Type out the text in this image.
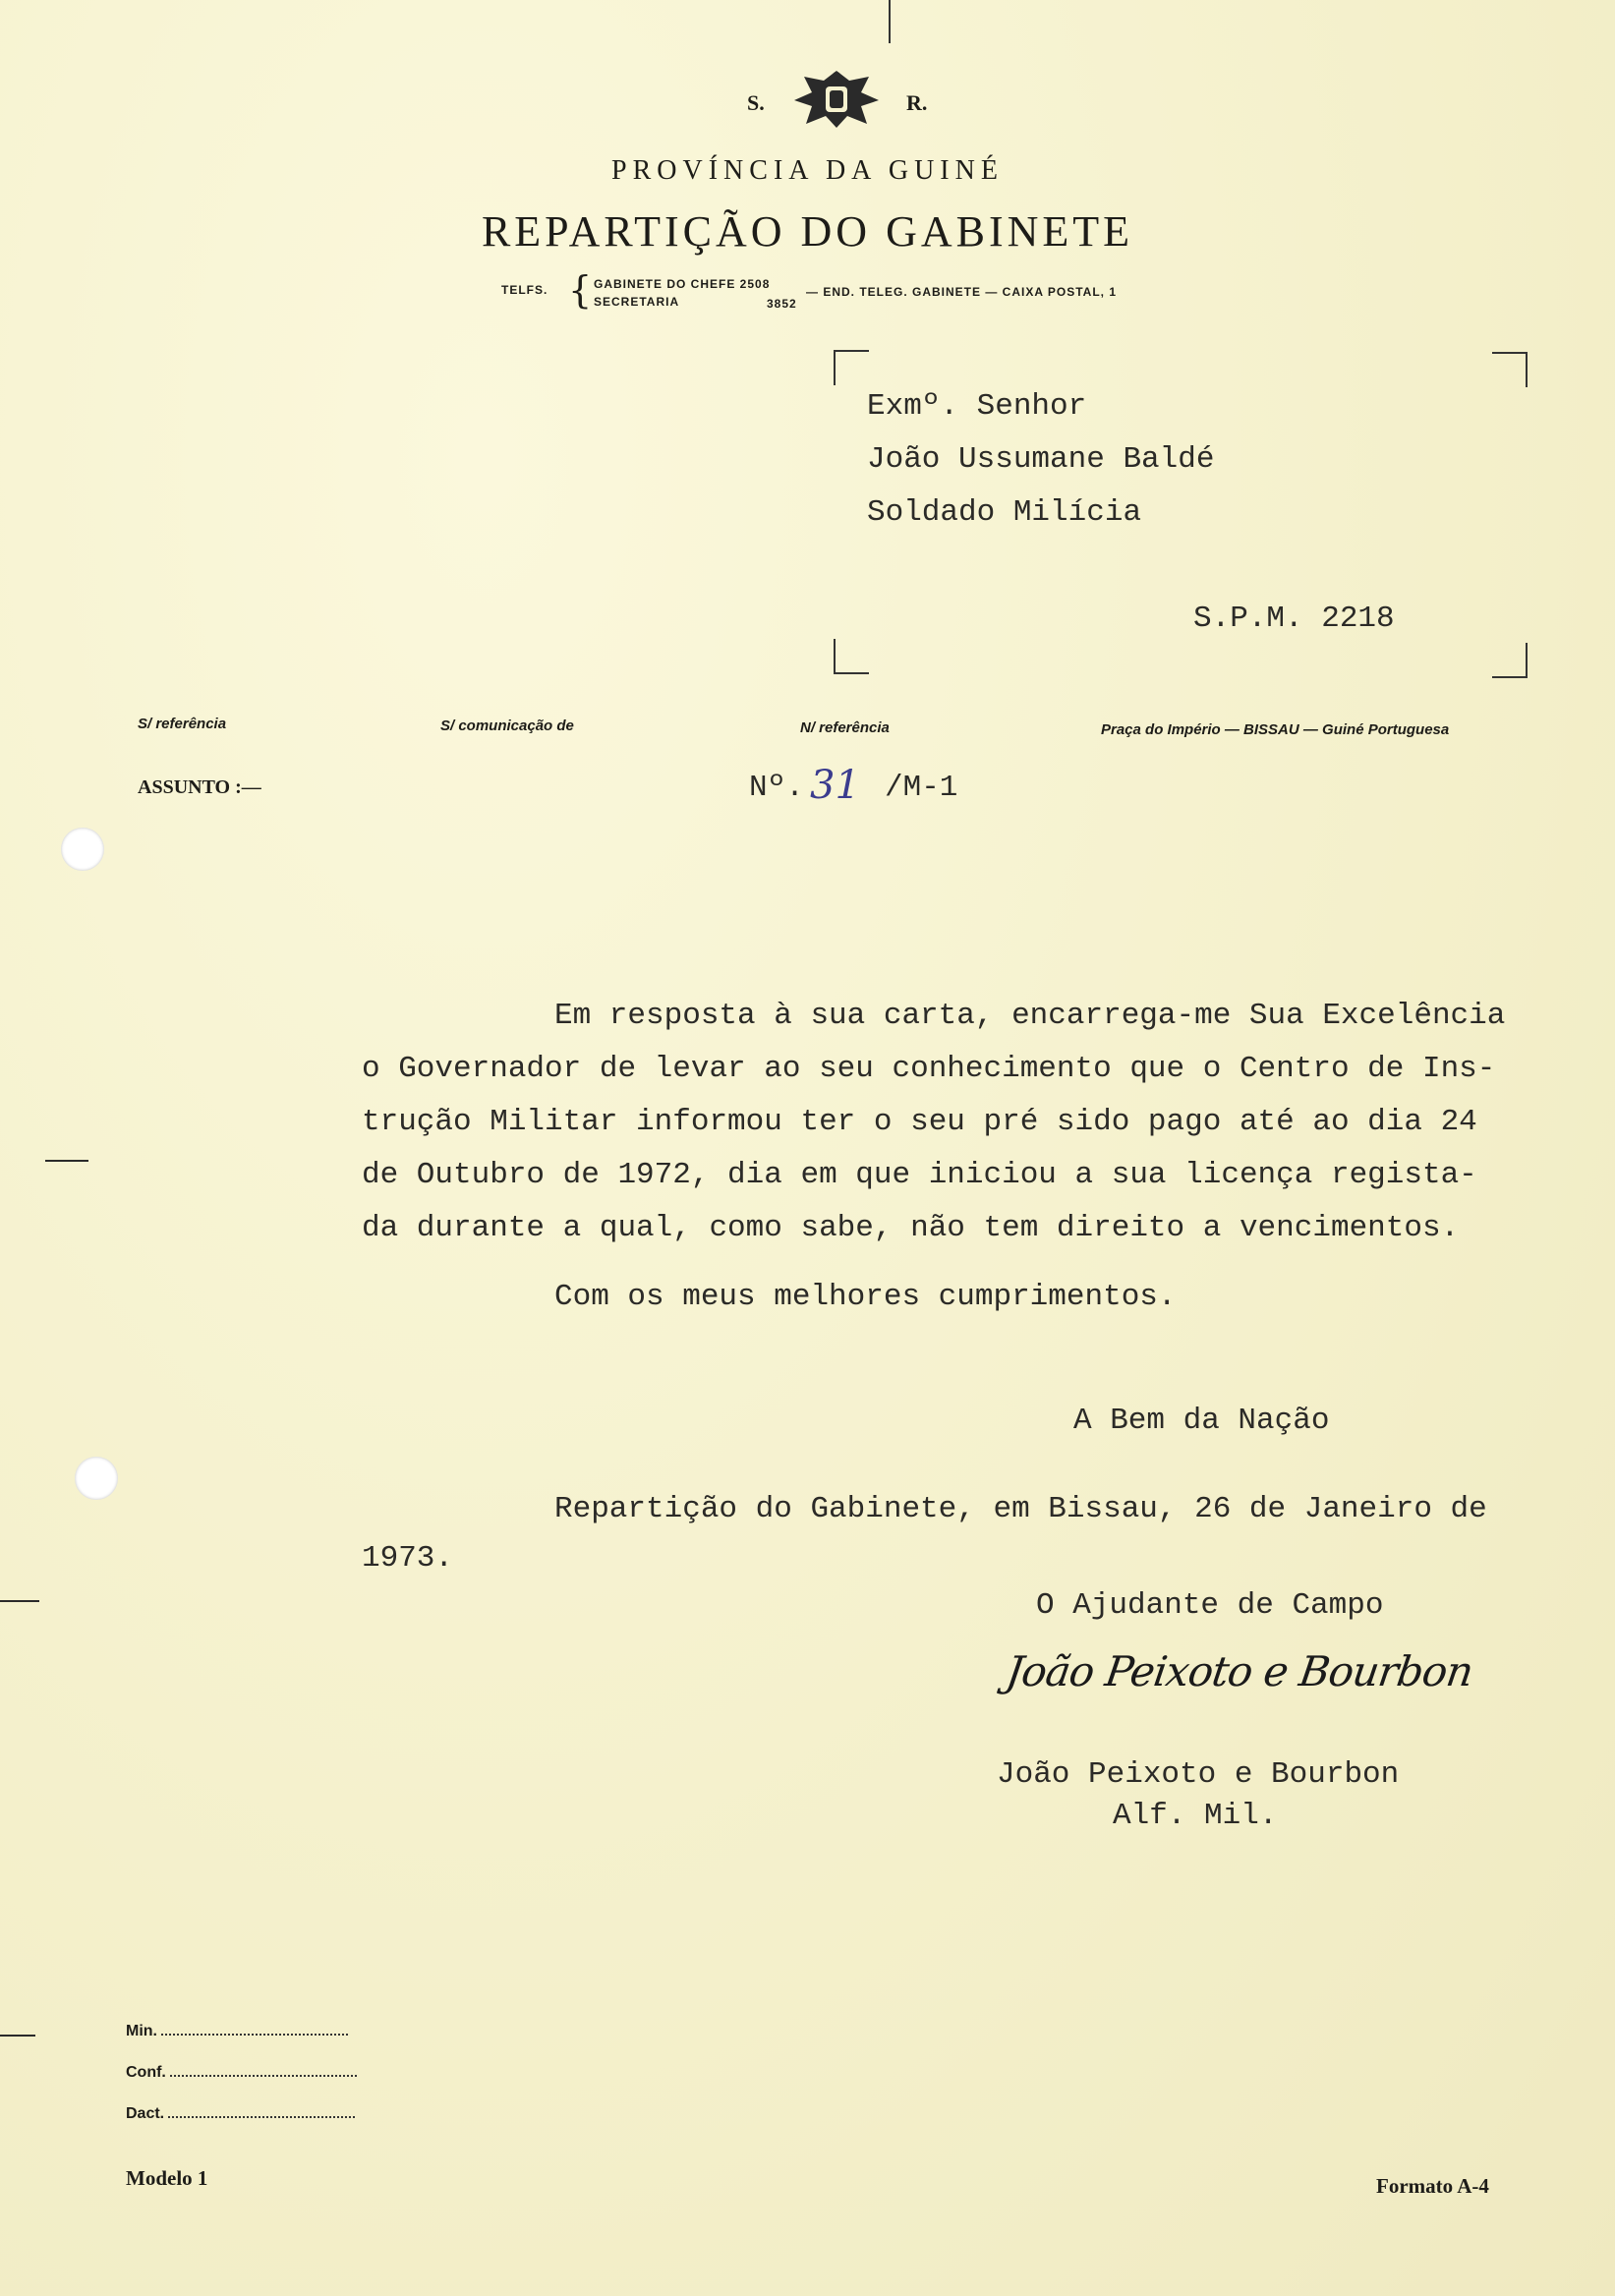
S.	R.
PROVÍNCIA DA GUINÉ
REPARTIÇÃO DO GABINETE
TELFS. { GABINETE DO CHEFE 2508
SECRETARIA	3852
— END. TELEG. GABINETE — CAIXA POSTAL, 1
Exmº. Senhor
João Ussumane Baldé
Soldado Milícia
S.P.M. 2218
S/ referência	S/ comunicação de	N/ referência	Praça do Império — BISSAU — Guiné Portuguesa
ASSUNTO :—	Nº. 31 /M-1
Em resposta à sua carta, encarrega-me Sua Excelência
o Governador de levar ao seu conhecimento que o Centro de Ins-
trução Militar informou ter o seu pré sido pago até ao dia 24
de Outubro de 1972, dia em que iniciou a sua licença regista-
da durante a qual, como sabe, não tem direito a vencimentos.
Com os meus melhores cumprimentos.
A Bem da Nação
Repartição do Gabinete, em Bissau, 26 de Janeiro de
1973.
O Ajudante de Campo
João Peixoto e Bourbon
João Peixoto e Bourbon
Alf. Mil.
Min.
Conf.
Dact.
Modelo 1	Formato A-4
